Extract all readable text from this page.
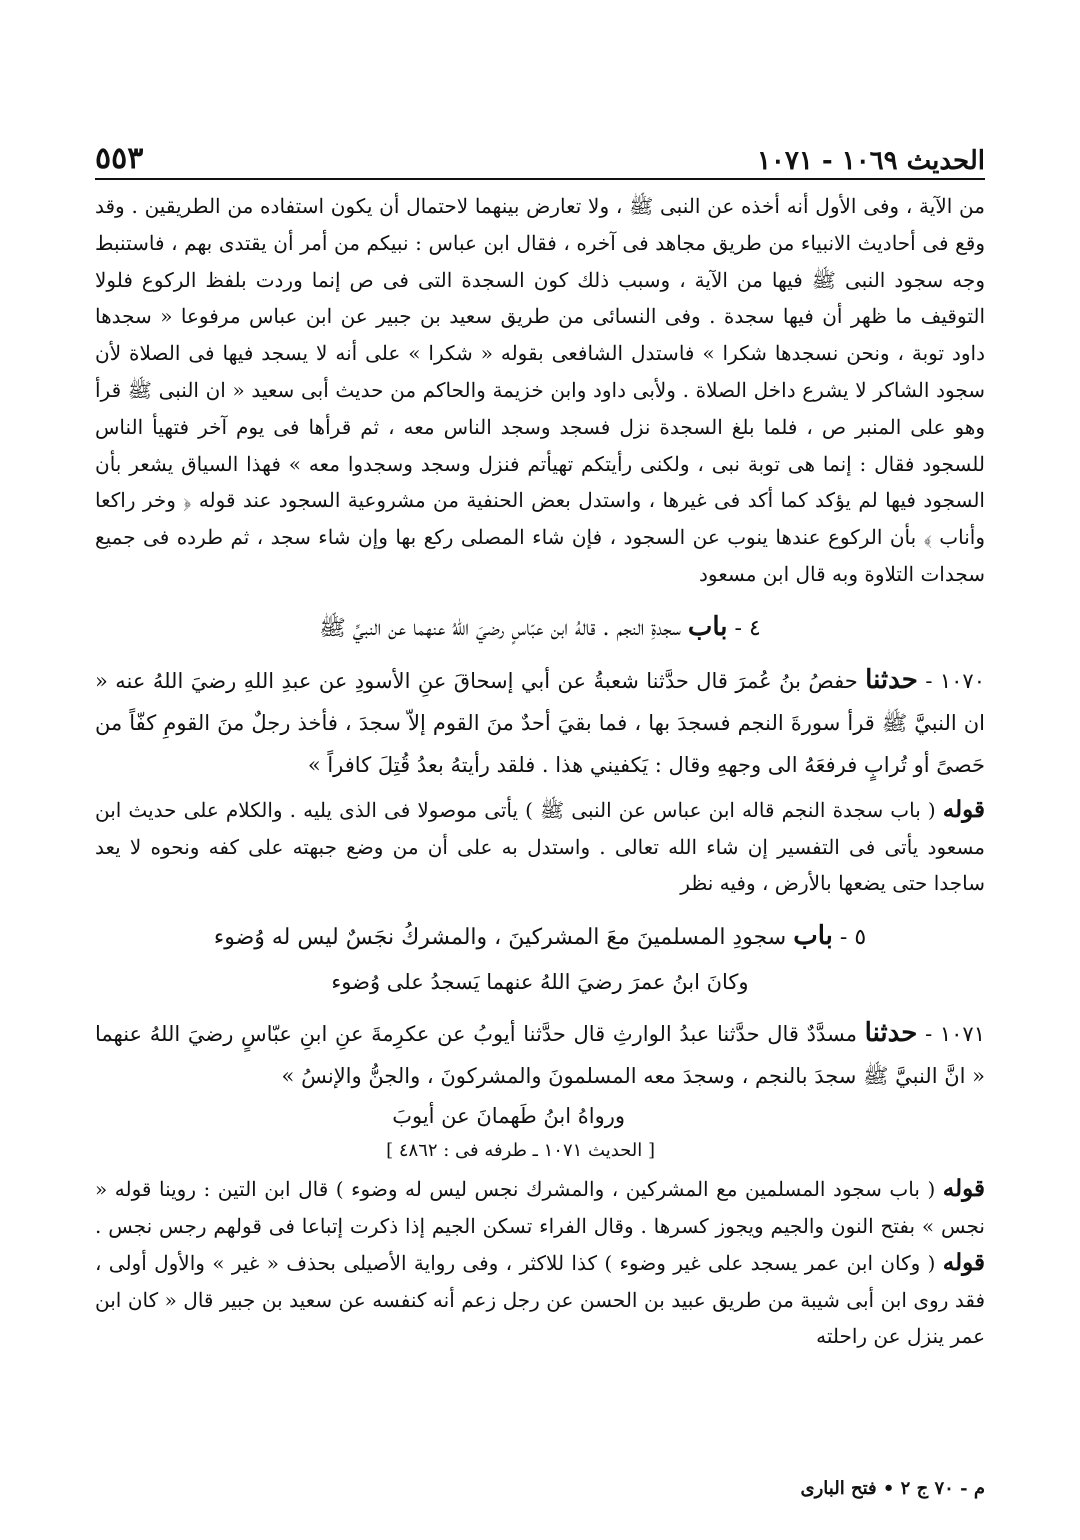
الحديث ١٠٦٩ - ١٠٧١
٥٥٣

من الآية ، وفى الأول أنه أخذه عن النبى ﷺ ، ولا تعارض بينهما لاحتمال أن يكون استفاده من الطريقين . وقد وقع فى أحاديث الانبياء من طريق مجاهد فى آخره ، فقال ابن عباس : نبيكم من أمر أن يقتدى بهم ، فاستنبط وجه سجود النبى ﷺ فيها من الآية ، وسبب ذلك كون السجدة التى فى ص إنما وردت بلفظ الركوع فلولا التوقيف ما ظهر أن فيها سجدة . وفى النسائى من طريق سعيد بن جبير عن ابن عباس مرفوعا « سجدها داود توبة ، ونحن نسجدها شكرا » فاستدل الشافعى بقوله « شكرا » على أنه لا يسجد فيها فى الصلاة لأن سجود الشاكر لا يشرع داخل الصلاة . ولأبى داود وابن خزيمة والحاكم من حديث أبى سعيد « ان النبى ﷺ قرأ وهو على المنبر ص ، فلما بلغ السجدة نزل فسجد وسجد الناس معه ، ثم قرأها فى يوم آخر فتهيأ الناس للسجود فقال : إنما هى توبة نبى ، ولكنى رأيتكم تهيأتم فنزل وسجد وسجدوا معه » فهذا السياق يشعر بأن السجود فيها لم يؤكد كما أكد فى غيرها ، واستدل بعض الحنفية من مشروعية السجود عند قوله ﴿ وخر راكعا وأناب ﴾ بأن الركوع عندها ينوب عن السجود ، فإن شاء المصلى ركع بها وإن شاء سجد ، ثم طرده فى جميع سجدات التلاوة وبه قال ابن مسعود

٤ - باب سجدةِ النجم . قالهُ ابن عبّاسٍ رضيَ اللهُ عنهما عن النبيِّ ﷺ

١٠٧٠ - حدثنا حفصُ بنُ عُمرَ قال حدَّثنا شعبةُ عن أبي إسحاقَ عنِ الأسودِ عن عبدِ اللهِ رضيَ اللهُ عنه « ان النبيَّ ﷺ قرأ سورةَ النجم فسجدَ بها ، فما بقيَ أحدٌ منَ القوم إلاّ سجدَ ، فأخذ رجلٌ منَ القومِ كفّاً من حَصىً أو تُرابٍ فرفعَهُ الى وجههِ وقال : يَكفيني هذا . فلقد رأيتهُ بعدُ قُتِلَ كافراً »

قوله ( باب سجدة النجم قاله ابن عباس عن النبى ﷺ ) يأتى موصولا فى الذى يليه . والكلام على حديث ابن مسعود يأتى فى التفسير إن شاء الله تعالى . واستدل به على أن من وضع جبهته على كفه ونحوه لا يعد ساجدا حتى يضعها بالأرض ، وفيه نظر

٥ - باب سجودِ المسلمينَ معَ المشركينَ ، والمشركُ نجَسٌ ليس له وُضوء

وكانَ ابنُ عمرَ رضيَ اللهُ عنهما يَسجدُ على وُضوء

١٠٧١ - حدثنا مسدَّدٌ قال حدَّثنا عبدُ الوارثِ قال حدَّثنا أيوبُ عن عكرِمةَ عنِ ابنِ عبّاسٍ رضيَ اللهُ عنهما « انَّ النبيَّ ﷺ سجدَ بالنجم ، وسجدَ معه المسلمونَ والمشركونَ ، والجنُّ والإنسُ »

ورواهُ ابنُ طَهمانَ عن أيوبَ

[ الحديث ١٠٧١ ـ طرفه فى : ٤٨٦٢ ]

قوله ( باب سجود المسلمين مع المشركين ، والمشرك نجس ليس له وضوء ) قال ابن التين : روينا قوله « نجس » بفتح النون والجيم ويجوز كسرها . وقال الفراء تسكن الجيم إذا ذكرت إتباعا فى قولهم رجس نجس . قوله ( وكان ابن عمر يسجد على غير وضوء ) كذا للاكثر ، وفى رواية الأصيلى بحذف « غير » والأول أولى ، فقد روى ابن أبى شيبة من طريق عبيد بن الحسن عن رجل زعم أنه كنفسه عن سعيد بن جبير قال « كان ابن عمر ينزل عن راحلته

م - ٧٠ ج ٢ • فتح البارى
